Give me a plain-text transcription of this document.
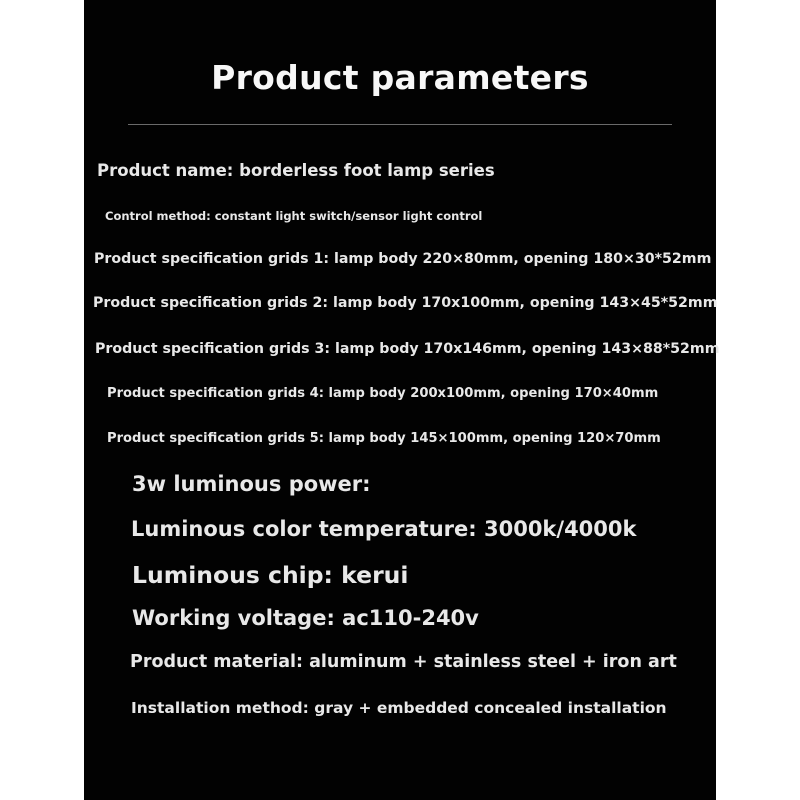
Product parameters
Product name: borderless foot lamp series
Control method: constant light switch/sensor light control
Product specification grids 1: lamp body 220×80mm, opening 180×30*52mm
Product specification grids 2: lamp body 170x100mm, opening 143×45*52mm
Product specification grids 3: lamp body 170x146mm, opening 143×88*52mm
Product specification grids 4: lamp body 200x100mm, opening 170×40mm
Product specification grids 5: lamp body 145×100mm, opening 120×70mm
3w luminous power:
Luminous color temperature: 3000k/4000k
Luminous chip: kerui
Working voltage: ac110-240v
Product material: aluminum + stainless steel + iron art
Installation method: gray + embedded concealed installation
